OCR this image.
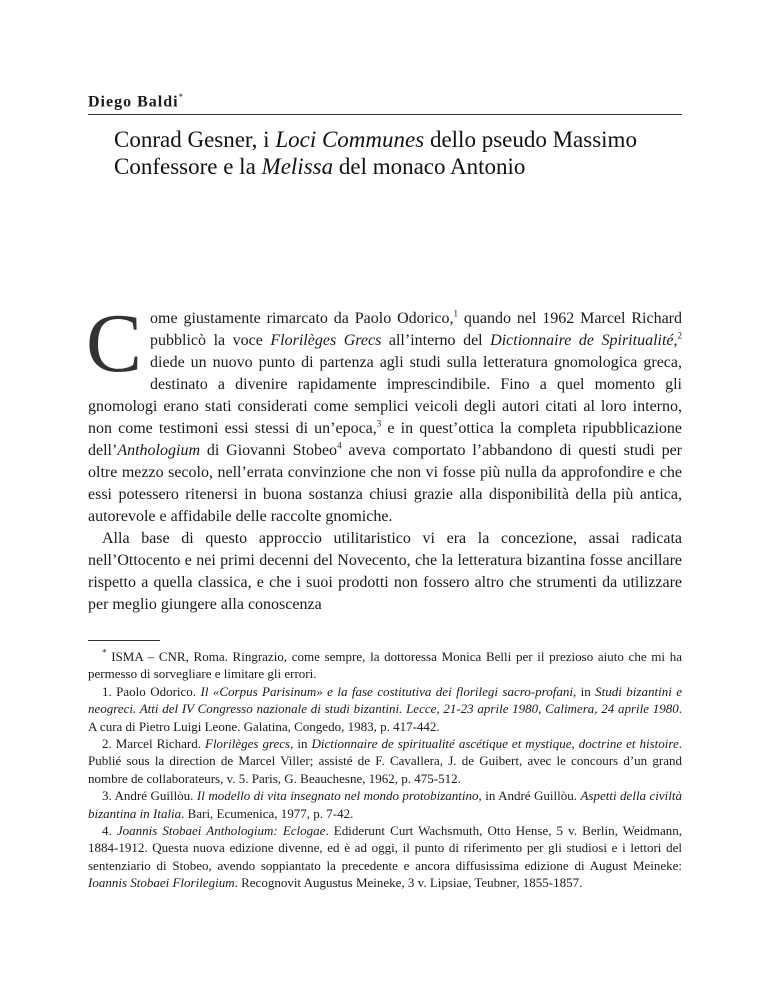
Diego Baldi*
Conrad Gesner, i Loci Communes dello pseudo Massimo
Confessore e la Melissa del monaco Antonio

Come giustamente rimarcato da Paolo Odorico,$^1$ quando nel 1962 Marcel Richard pubblicò la voce Florilèges Grecs all’interno del Dictionnaire de Spiritualité,$^2$ diede un nuovo punto di partenza agli studi sulla letteratura gnomologica greca, destinato a divenire rapidamente imprescindibile. Fino a quel momento gli gnomologi erano stati considerati come semplici veicoli degli autori citati al loro interno, non come testimoni essi stessi di un’epoca,$^3$ e in quest’ottica la completa ripubblicazione dell’Anthologium di Giovanni Stobeo$^4$ aveva comportato l’abbandono di questi studi per oltre mezzo secolo, nell’errata convinzione che non vi fosse più nulla da approfondire e che essi potessero ritenersi in buona sostanza chiusi grazie alla disponibilità della più antica, autorevole e affidabile delle raccolte gnomiche.

Alla base di questo approccio utilitaristico vi era la concezione, assai radicata nell’Ottocento e nei primi decenni del Novecento, che la letteratura bizantina fosse ancillare rispetto a quella classica, e che i suoi prodotti non fossero altro che strumenti da utilizzare per meglio giungere alla conoscenza

* ISMA – CNR, Roma. Ringrazio, come sempre, la dottoressa Monica Belli per il prezioso aiuto che mi ha permesso di sorvegliare e limitare gli errori.

1. Paolo Odorico. Il «Corpus Parisinum» e la fase costitutiva dei florilegi sacro-profani, in Studi bizantini e neogreci. Atti del IV Congresso nazionale di studi bizantini. Lecce, 21-23 aprile 1980, Calimera, 24 aprile 1980. A cura di Pietro Luigi Leone. Galatina, Congedo, 1983, p. 417-442.

2. Marcel Richard. Florilèges grecs, in Dictionnaire de spiritualité ascétique et mystique, doctrine et histoire. Publié sous la direction de Marcel Viller; assisté de F. Cavallera, J. de Guibert, avec le concours d’un grand nombre de collaborateurs, v. 5. Paris, G. Beauchesne, 1962, p. 475-512.

3. André Guillòu. Il modello di vita insegnato nel mondo protobizantino, in André Guillòu. Aspetti della civiltà bizantina in Italia. Bari, Ecumenica, 1977, p. 7-42.

4. Joannis Stobaei Anthologium: Eclogae. Ediderunt Curt Wachsmuth, Otto Hense, 5 v. Berlin, Weidmann, 1884-1912. Questa nuova edizione divenne, ed è ad oggi, il punto di riferimento per gli studiosi e i lettori del sentenziario di Stobeo, avendo soppiantato la precedente e ancora diffusissima edizione di August Meineke: Ioannis Stobaei Florilegium. Recognovit Augustus Meineke, 3 v. Lipsiae, Teubner, 1855-1857.
